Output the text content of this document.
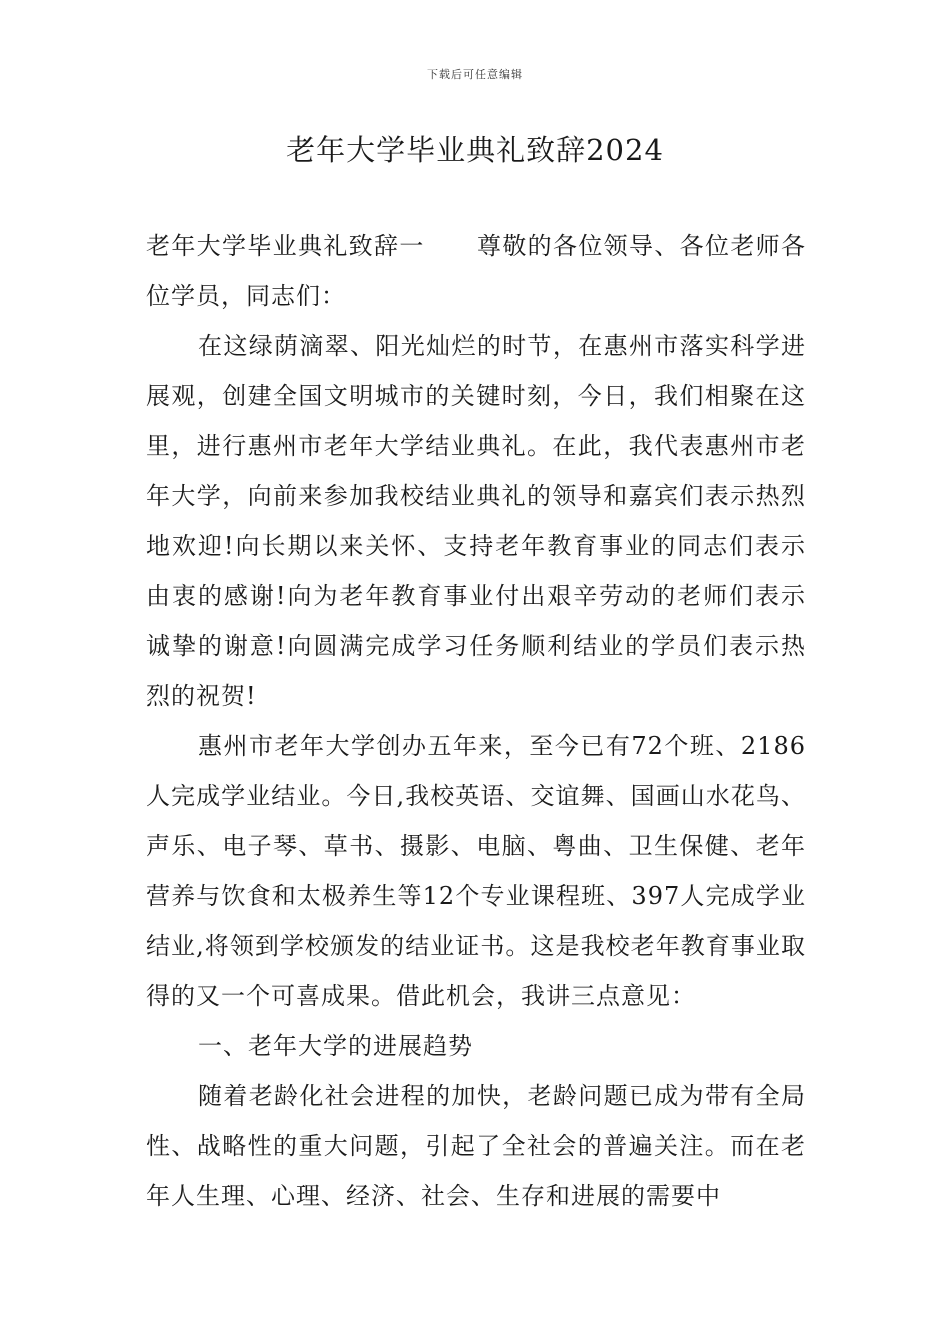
下载后可任意编辑
老年大学毕业典礼致辞2024

老年大学毕业典礼致辞一 尊敬的各位领导、各位老师各位学员，同志们：

在这绿荫滴翠、阳光灿烂的时节，在惠州市落实科学进展观，创建全国文明城市的关键时刻，今日，我们相聚在这里，进行惠州市老年大学结业典礼。在此，我代表惠州市老年大学，向前来参加我校结业典礼的领导和嘉宾们表示热烈地欢迎!向长期以来关怀、支持老年教育事业的同志们表示由衷的感谢!向为老年教育事业付出艰辛劳动的老师们表示诚挚的谢意!向圆满完成学习任务顺利结业的学员们表示热烈的祝贺!

惠州市老年大学创办五年来，至今已有72个班、2186人完成学业结业。今日,我校英语、交谊舞、国画山水花鸟、声乐、电子琴、草书、摄影、电脑、粤曲、卫生保健、老年营养与饮食和太极养生等12个专业课程班、397人完成学业结业,将领到学校颁发的结业证书。这是我校老年教育事业取得的又一个可喜成果。借此机会，我讲三点意见：

一、老年大学的进展趋势

随着老龄化社会进程的加快，老龄问题已成为带有全局性、战略性的重大问题，引起了全社会的普遍关注。而在老年人生理、心理、经济、社会、生存和进展的需要中
